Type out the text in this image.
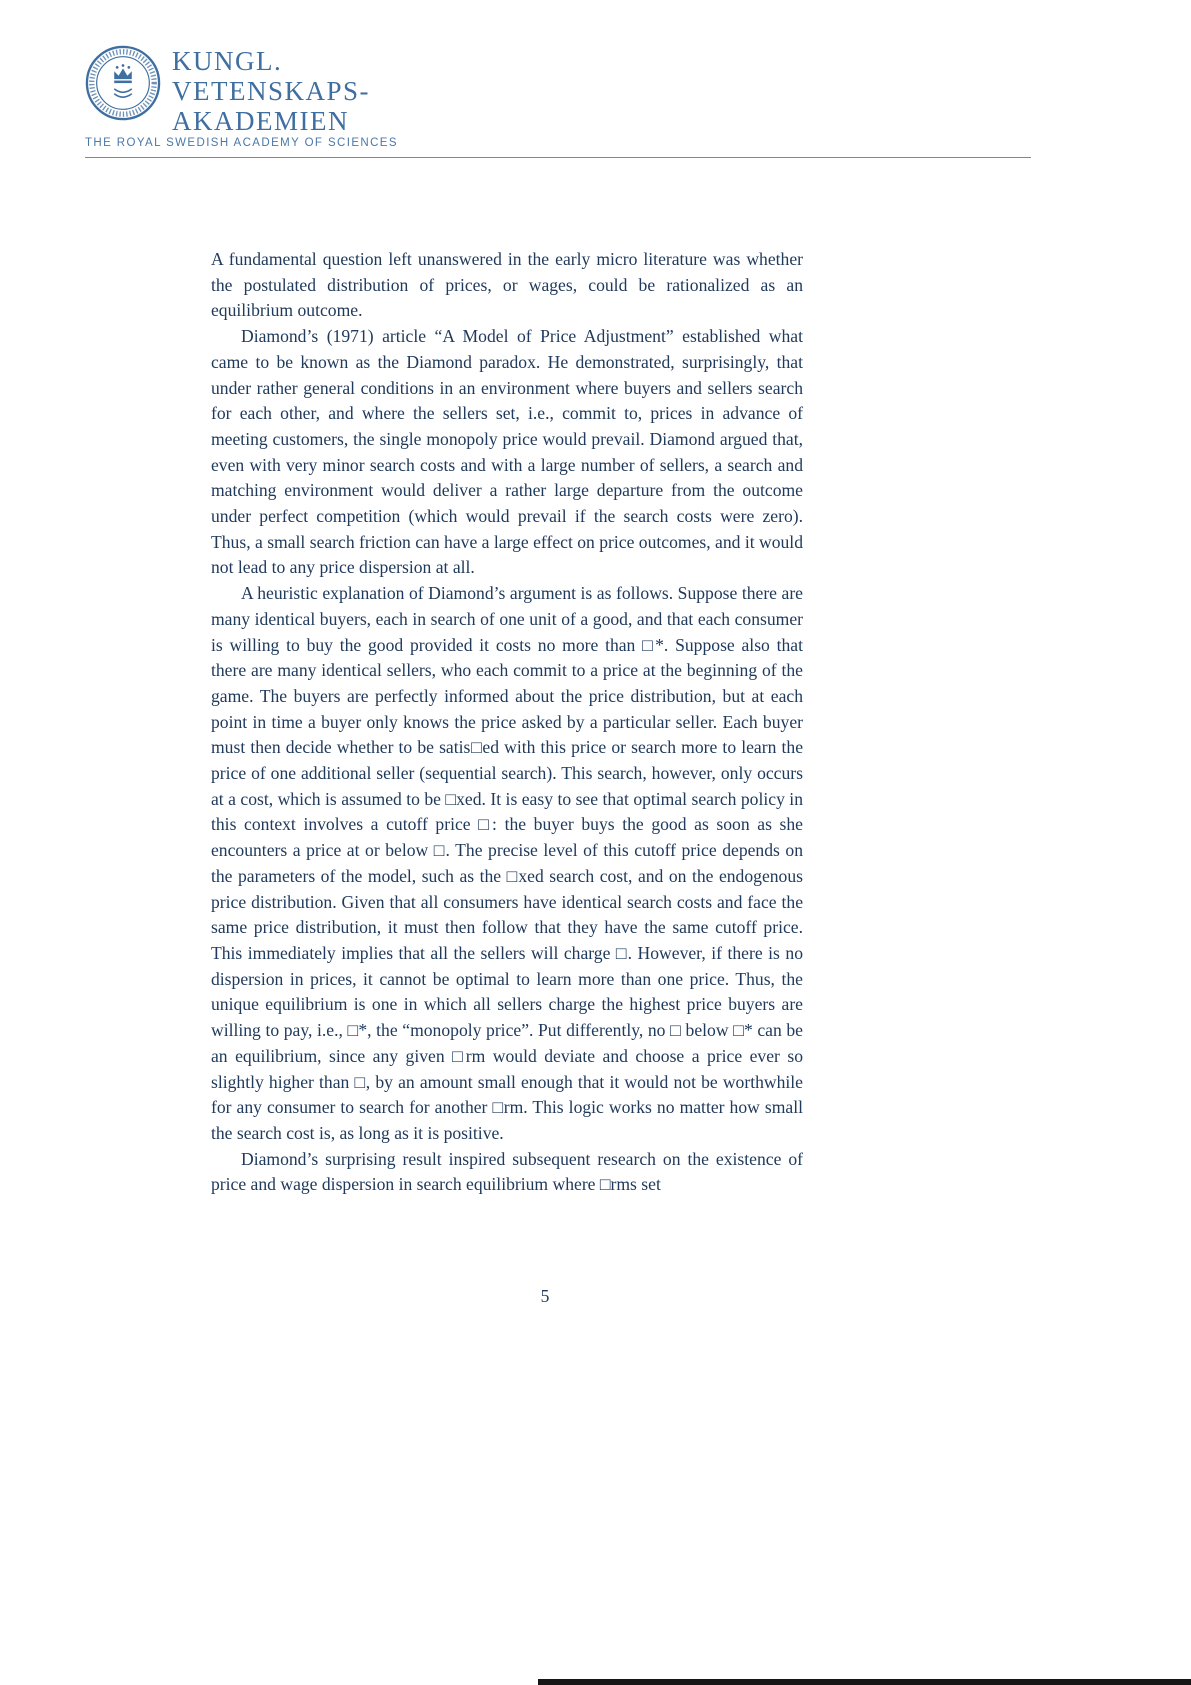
KUNGL.
VETENSKAPS-
AKADEMIEN
THE ROYAL SWEDISH ACADEMY OF SCIENCES

A fundamental question left unanswered in the early micro literature was whether the postulated distribution of prices, or wages, could be rationalized as an equilibrium outcome.

Diamond’s (1971) article “A Model of Price Adjustment” established what came to be known as the Diamond paradox. He demonstrated, surprisingly, that under rather general conditions in an environment where buyers and sellers search for each other, and where the sellers set, i.e., commit to, prices in advance of meeting customers, the single monopoly price would prevail. Diamond argued that, even with very minor search costs and with a large number of sellers, a search and matching environment would deliver a rather large departure from the outcome under perfect competition (which would prevail if the search costs were zero). Thus, a small search friction can have a large effect on price outcomes, and it would not lead to any price dispersion at all.

A heuristic explanation of Diamond’s argument is as follows. Suppose there are many identical buyers, each in search of one unit of a good, and that each consumer is willing to buy the good provided it costs no more than □*. Suppose also that there are many identical sellers, who each commit to a price at the beginning of the game. The buyers are perfectly informed about the price distribution, but at each point in time a buyer only knows the price asked by a particular seller. Each buyer must then decide whether to be satis□ed with this price or search more to learn the price of one additional seller (sequential search). This search, however, only occurs at a cost, which is assumed to be □xed. It is easy to see that optimal search policy in this context involves a cutoff price □: the buyer buys the good as soon as she encounters a price at or below □. The precise level of this cutoff price depends on the parameters of the model, such as the □xed search cost, and on the endogenous price distribution. Given that all consumers have identical search costs and face the same price distribution, it must then follow that they have the same cutoff price. This immediately implies that all the sellers will charge □. However, if there is no dispersion in prices, it cannot be optimal to learn more than one price. Thus, the unique equilibrium is one in which all sellers charge the highest price buyers are willing to pay, i.e., □*, the “monopoly price”. Put differently, no □ below □* can be an equilibrium, since any given □rm would deviate and choose a price ever so slightly higher than □, by an amount small enough that it would not be worthwhile for any consumer to search for another □rm. This logic works no matter how small the search cost is, as long as it is positive.

Diamond’s surprising result inspired subsequent research on the existence of price and wage dispersion in search equilibrium where □rms set

5
